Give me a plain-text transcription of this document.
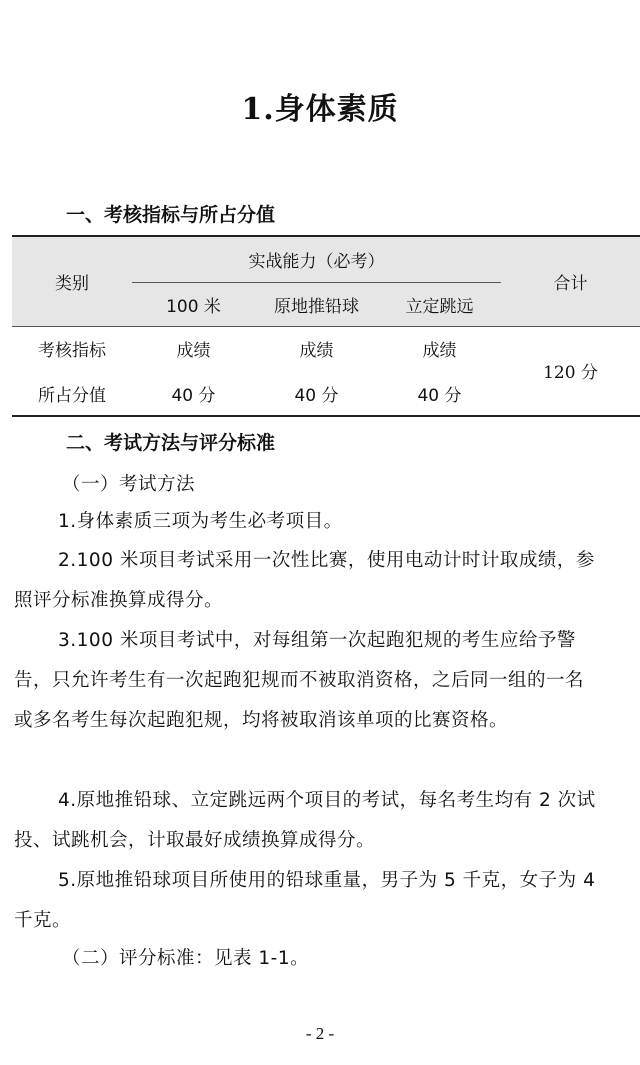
1.身体素质
一、考核指标与所占分值
类别	实战能力（必考）			合计
	100 米	原地推铅球	立定跳远	
考核指标	成绩	成绩	成绩	120 分
所占分值	40 分	40 分	40 分	
二、考试方法与评分标准
（一）考试方法
1.身体素质三项为考生必考项目。
2.100 米项目考试采用一次性比赛，使用电动计时计取成绩，参照评分标准换算成得分。
3.100 米项目考试中，对每组第一次起跑犯规的考生应给予警告，只允许考生有一次起跑犯规而不被取消资格，之后同一组的一名或多名考生每次起跑犯规，均将被取消该单项的比赛资格。
4.原地推铅球、立定跳远两个项目的考试，每名考生均有 2 次试投、试跳机会，计取最好成绩换算成得分。
5.原地推铅球项目所使用的铅球重量，男子为 5 千克，女子为 4 千克。
（二）评分标准：见表 1-1。
- 2 -
